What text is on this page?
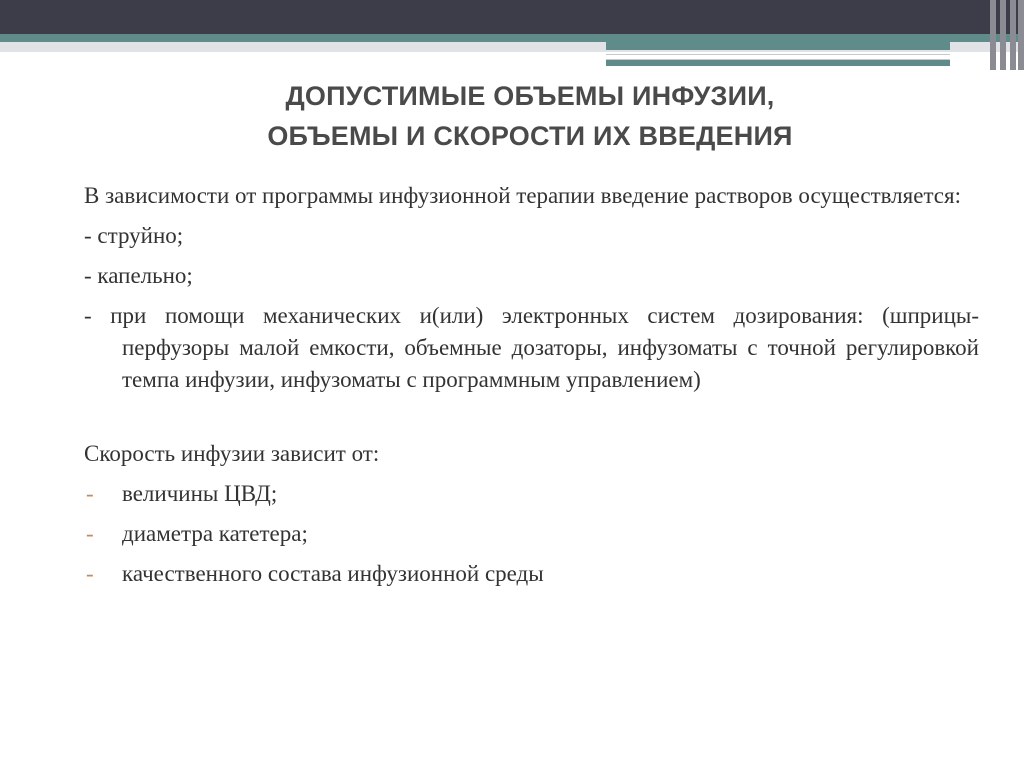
ДОПУСТИМЫЕ ОБЪЕМЫ ИНФУЗИИ,
ОБЪЕМЫ И СКОРОСТИ ИХ ВВЕДЕНИЯ

В зависимости от программы инфузионной терапии введение растворов осуществляется:

- струйно;

- капельно;

- при помощи механических и(или) электронных систем дозирования: (шприцы-перфузоры малой емкости, объемные дозаторы, инфузоматы с точной регулировкой темпа инфузии, инфузоматы с программным управлением)

Скорость инфузии зависит от:

- величины ЦВД;
- диаметра катетера;
- качественного состава инфузионной среды
